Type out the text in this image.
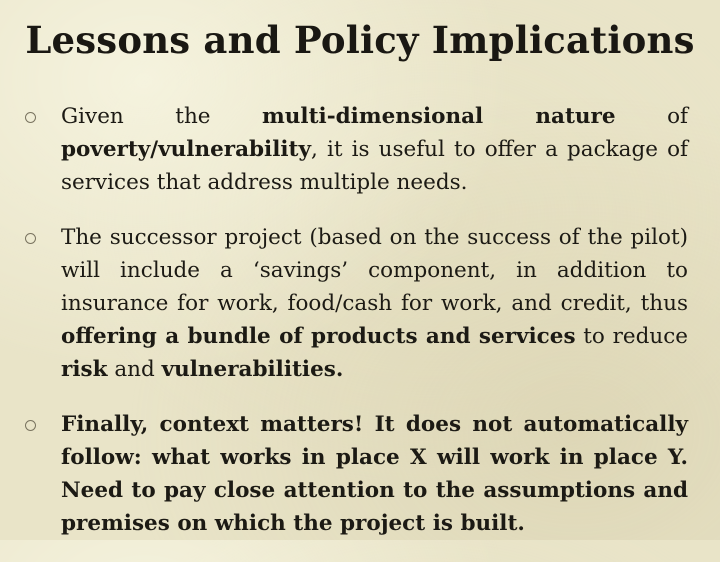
Lessons and Policy Implications
Given the multi-dimensional nature of poverty/vulnerability, it is useful to offer a package of services that address multiple needs.
The successor project (based on the success of the pilot) will include a ‘savings’ component, in addition to insurance for work, food/cash for work, and credit, thus offering a bundle of products and services to reduce risk and vulnerabilities.
Finally, context matters! It does not automatically follow: what works in place X will work in place Y. Need to pay close attention to the assumptions and premises on which the project is built.
